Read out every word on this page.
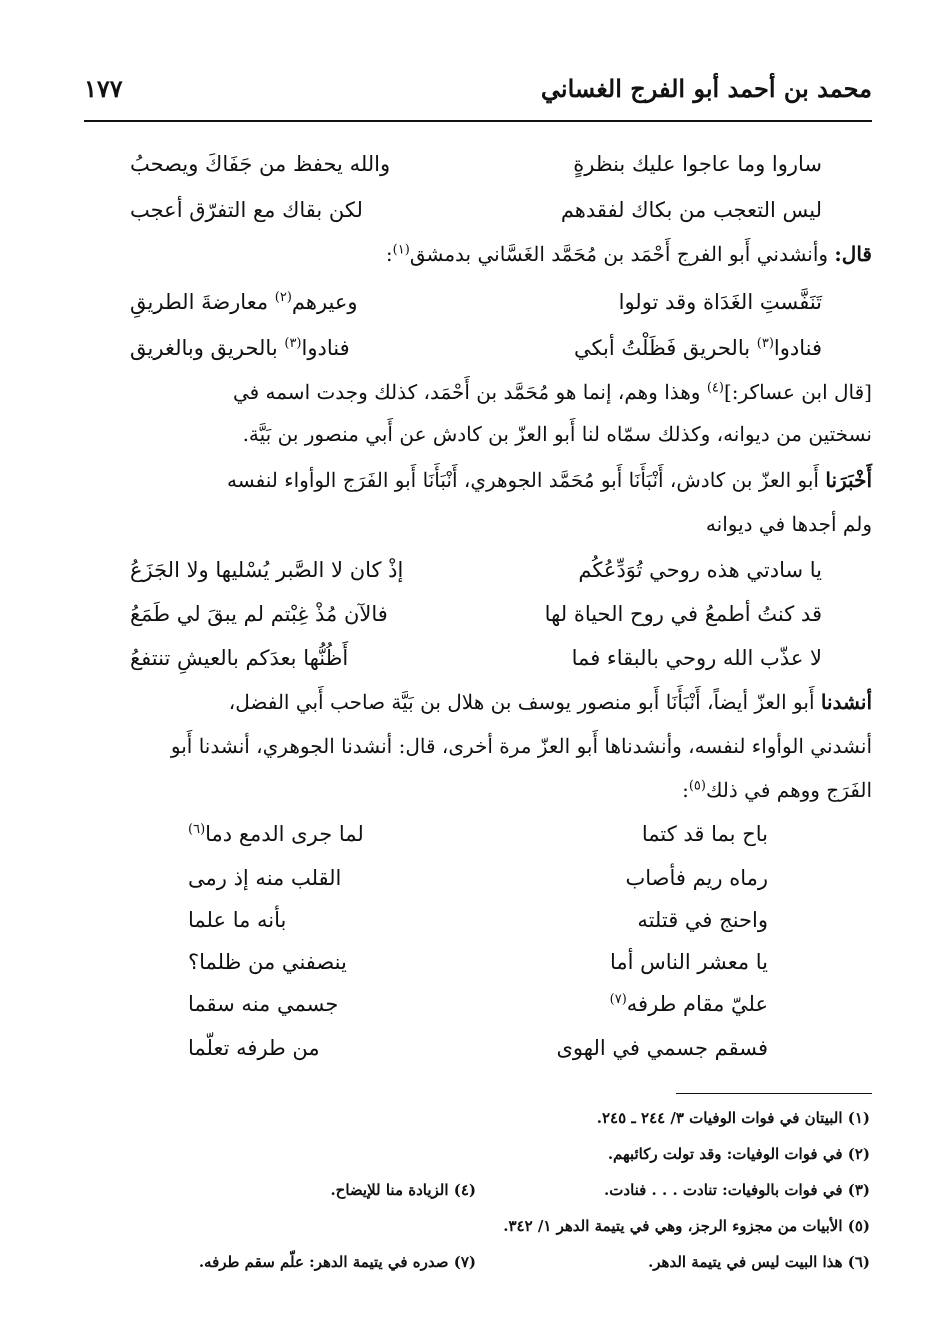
محمد بن أحمد أبو الفرج الغساني
١٧٧
ساروا وما عاجوا عليك بنظرةٍ
والله يحفظ من جَفَاكَ ويصحبُ
ليس التعجب من بكاك لفقدهم
لكن بقاك مع التفرّق أعجب
قال: وأنشدني أَبو الفرج أَحْمَد بن مُحَمَّد الغَسَّاني بدمشق$^{(١)}$:
تَنَفَّستِ الغَدَاة وقد تولوا
وعيرهم$^{(٢)}$ معارضةَ الطريقِ
فنادوا$^{(٣)}$ بالحريق فَظَلْتُ أبكي
فنادوا$^{(٣)}$ بالحريق وبالغريق
[قال ابن عساكر:]$^{(٤)}$ وهذا وهم، إنما هو مُحَمَّد بن أَحْمَد، كذلك وجدت اسمه في
نسختين من ديوانه، وكذلك سمّاه لنا أَبو العزّ بن كادش عن أَبي منصور بن بَيَّة.
أَخْبَرَنا أَبو العزّ بن كادش، أَنْبَأَنَا أَبو مُحَمَّد الجوهري، أَنْبَأَنَا أَبو الفَرَج الوأواء لنفسه
ولم أجدها في ديوانه
يا سادتي هذه روحي تُوَدِّعُكُم
إذْ كان لا الصَّبر يُسْليها ولا الجَزَعُ
قد كنتُ أطمعُ في روح الحياة لها
فالآن مُذْ غِبْتم لم يبقَ لي طَمَعُ
لا عذّب الله روحي بالبقاء فما
أَظُنُّها بعدَكم بالعيشِ تنتفعُ
أنشدنا أَبو العزّ أيضاً، أَنْبَأَنَا أَبو منصور يوسف بن هلال بن بَيَّة صاحب أَبي الفضل،
أنشدني الوأواء لنفسه، وأنشدناها أَبو العزّ مرة أخرى، قال: أنشدنا الجوهري، أنشدنا أَبو
الفَرَج ووهم في ذلك$^{(٥)}$:
باح بما قد كتما
لما جرى الدمع دما$^{(٦)}$
رماه ريم فأصاب
القلب منه إذ رمى
واحنج في قتلته
بأنه ما علما
يا معشر الناس أما
ينصفني من ظلما؟
عليّ مقام طرفه$^{(٧)}$
جسمي منه سقما
فسقم جسمي في الهوى
من طرفه تعلّما
(١) البيتان في فوات الوفيات ٣/ ٢٤٤ ـ ٢٤٥.
(٢) في فوات الوفيات: وقد تولت ركائبهم.
(٣) في فوات بالوفيات: تنادت . . . فنادت.
(٤) الزيادة منا للإيضاح.
(٥) الأبيات من مجزوء الرجز، وهي في يتيمة الدهر ١/ ٣٤٢.
(٦) هذا البيت ليس في يتيمة الدهر.
(٧) صدره في يتيمة الدهر: علّم سقم طرفه.
